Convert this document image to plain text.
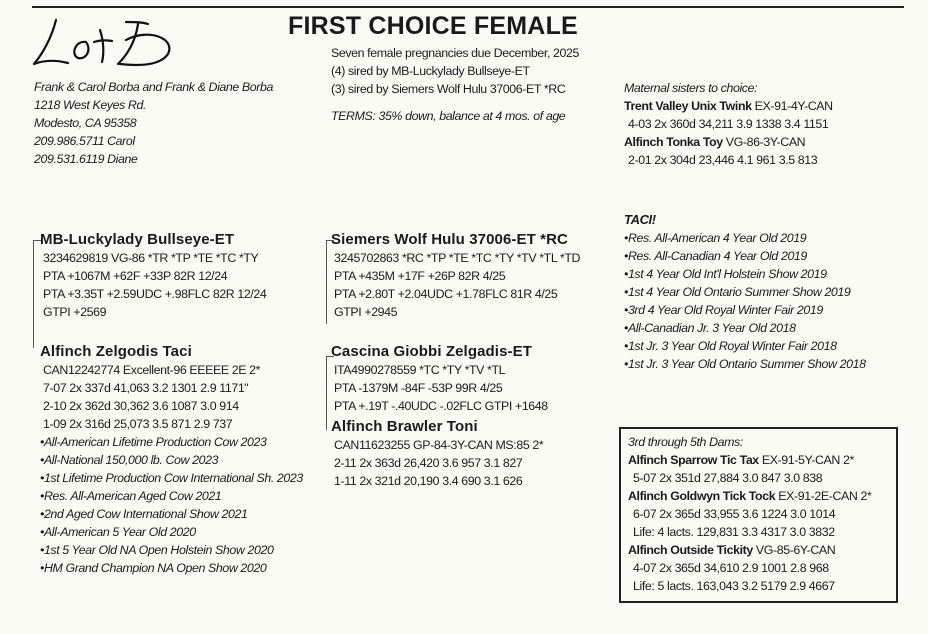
Lot D
FIRST CHOICE FEMALE
Seven female pregnancies due December, 2025
(4) sired by MB-Luckylady Bullseye-ET
(3) sired by Siemers Wolf Hulu 37006-ET *RC
TERMS: 35% down, balance at 4 mos. of age
Frank & Carol Borba and Frank & Diane Borba
1218 West Keyes Rd.
Modesto, CA 95358
209.986.5711 Carol
209.531.6119 Diane
Maternal sisters to choice:
Trent Valley Unix Twink EX-91-4Y-CAN
4-03 2x 360d 34,211 3.9 1338 3.4 1151
Alfinch Tonka Toy VG-86-3Y-CAN
2-01 2x 304d 23,446 4.1 961 3.5 813
MB-Luckylady Bullseye-ET
3234629819 VG-86 *TR *TP *TE *TC *TY
PTA +1067M +62F +33P 82R 12/24
PTA +3.35T +2.59UDC +.98FLC 82R 12/24
GTPI +2569
Siemers Wolf Hulu 37006-ET *RC
3245702863 *RC *TP *TE *TC *TY *TV *TL *TD
PTA +435M +17F +26P 82R 4/25
PTA +2.80T +2.04UDC +1.78FLC 81R 4/25
GTPI +2945
TACI!
•Res. All-American 4 Year Old 2019
•Res. All-Canadian 4 Year Old 2019
•1st 4 Year Old Int'l Holstein Show 2019
•1st 4 Year Old Ontario Summer Show 2019
•3rd 4 Year Old Royal Winter Fair 2019
•All-Canadian Jr. 3 Year Old 2018
•1st Jr. 3 Year Old Royal Winter Fair 2018
•1st Jr. 3 Year Old Ontario Summer Show 2018
Alfinch Zelgodis Taci
CAN12242774 Excellent-96 EEEEE 2E 2*
7-07 2x 337d 41,063 3.2 1301 2.9 1171"
2-10 2x 362d 30,362 3.6 1087 3.0 914
1-09 2x 316d 25,073 3.5 871 2.9 737
•All-American Lifetime Production Cow 2023
•All-National 150,000 lb. Cow 2023
•1st Lifetime Production Cow International Sh. 2023
•Res. All-American Aged Cow 2021
•2nd Aged Cow International Show 2021
•All-American 5 Year Old 2020
•1st 5 Year Old NA Open Holstein Show 2020
•HM Grand Champion NA Open Show 2020
Cascina Giobbi Zelgadis-ET
ITA4990278559 *TC *TY *TV *TL
PTA -1379M -84F -53P 99R 4/25
PTA +.19T -.40UDC -.02FLC GTPI +1648
Alfinch Brawler Toni
CAN11623255 GP-84-3Y-CAN MS:85 2*
2-11 2x 363d 26,420 3.6 957 3.1 827
1-11 2x 321d 20,190 3.4 690 3.1 626
3rd through 5th Dams:
Alfinch Sparrow Tic Tax EX-91-5Y-CAN 2*
5-07 2x 351d 27,884 3.0 847 3.0 838
Alfinch Goldwyn Tick Tock EX-91-2E-CAN 2*
6-07 2x 365d 33,955 3.6 1224 3.0 1014
Life: 4 lacts. 129,831 3.3 4317 3.0 3832
Alfinch Outside Tickity VG-85-6Y-CAN
4-07 2x 365d 34,610 2.9 1001 2.8 968
Life: 5 lacts. 163,043 3.2 5179 2.9 4667
